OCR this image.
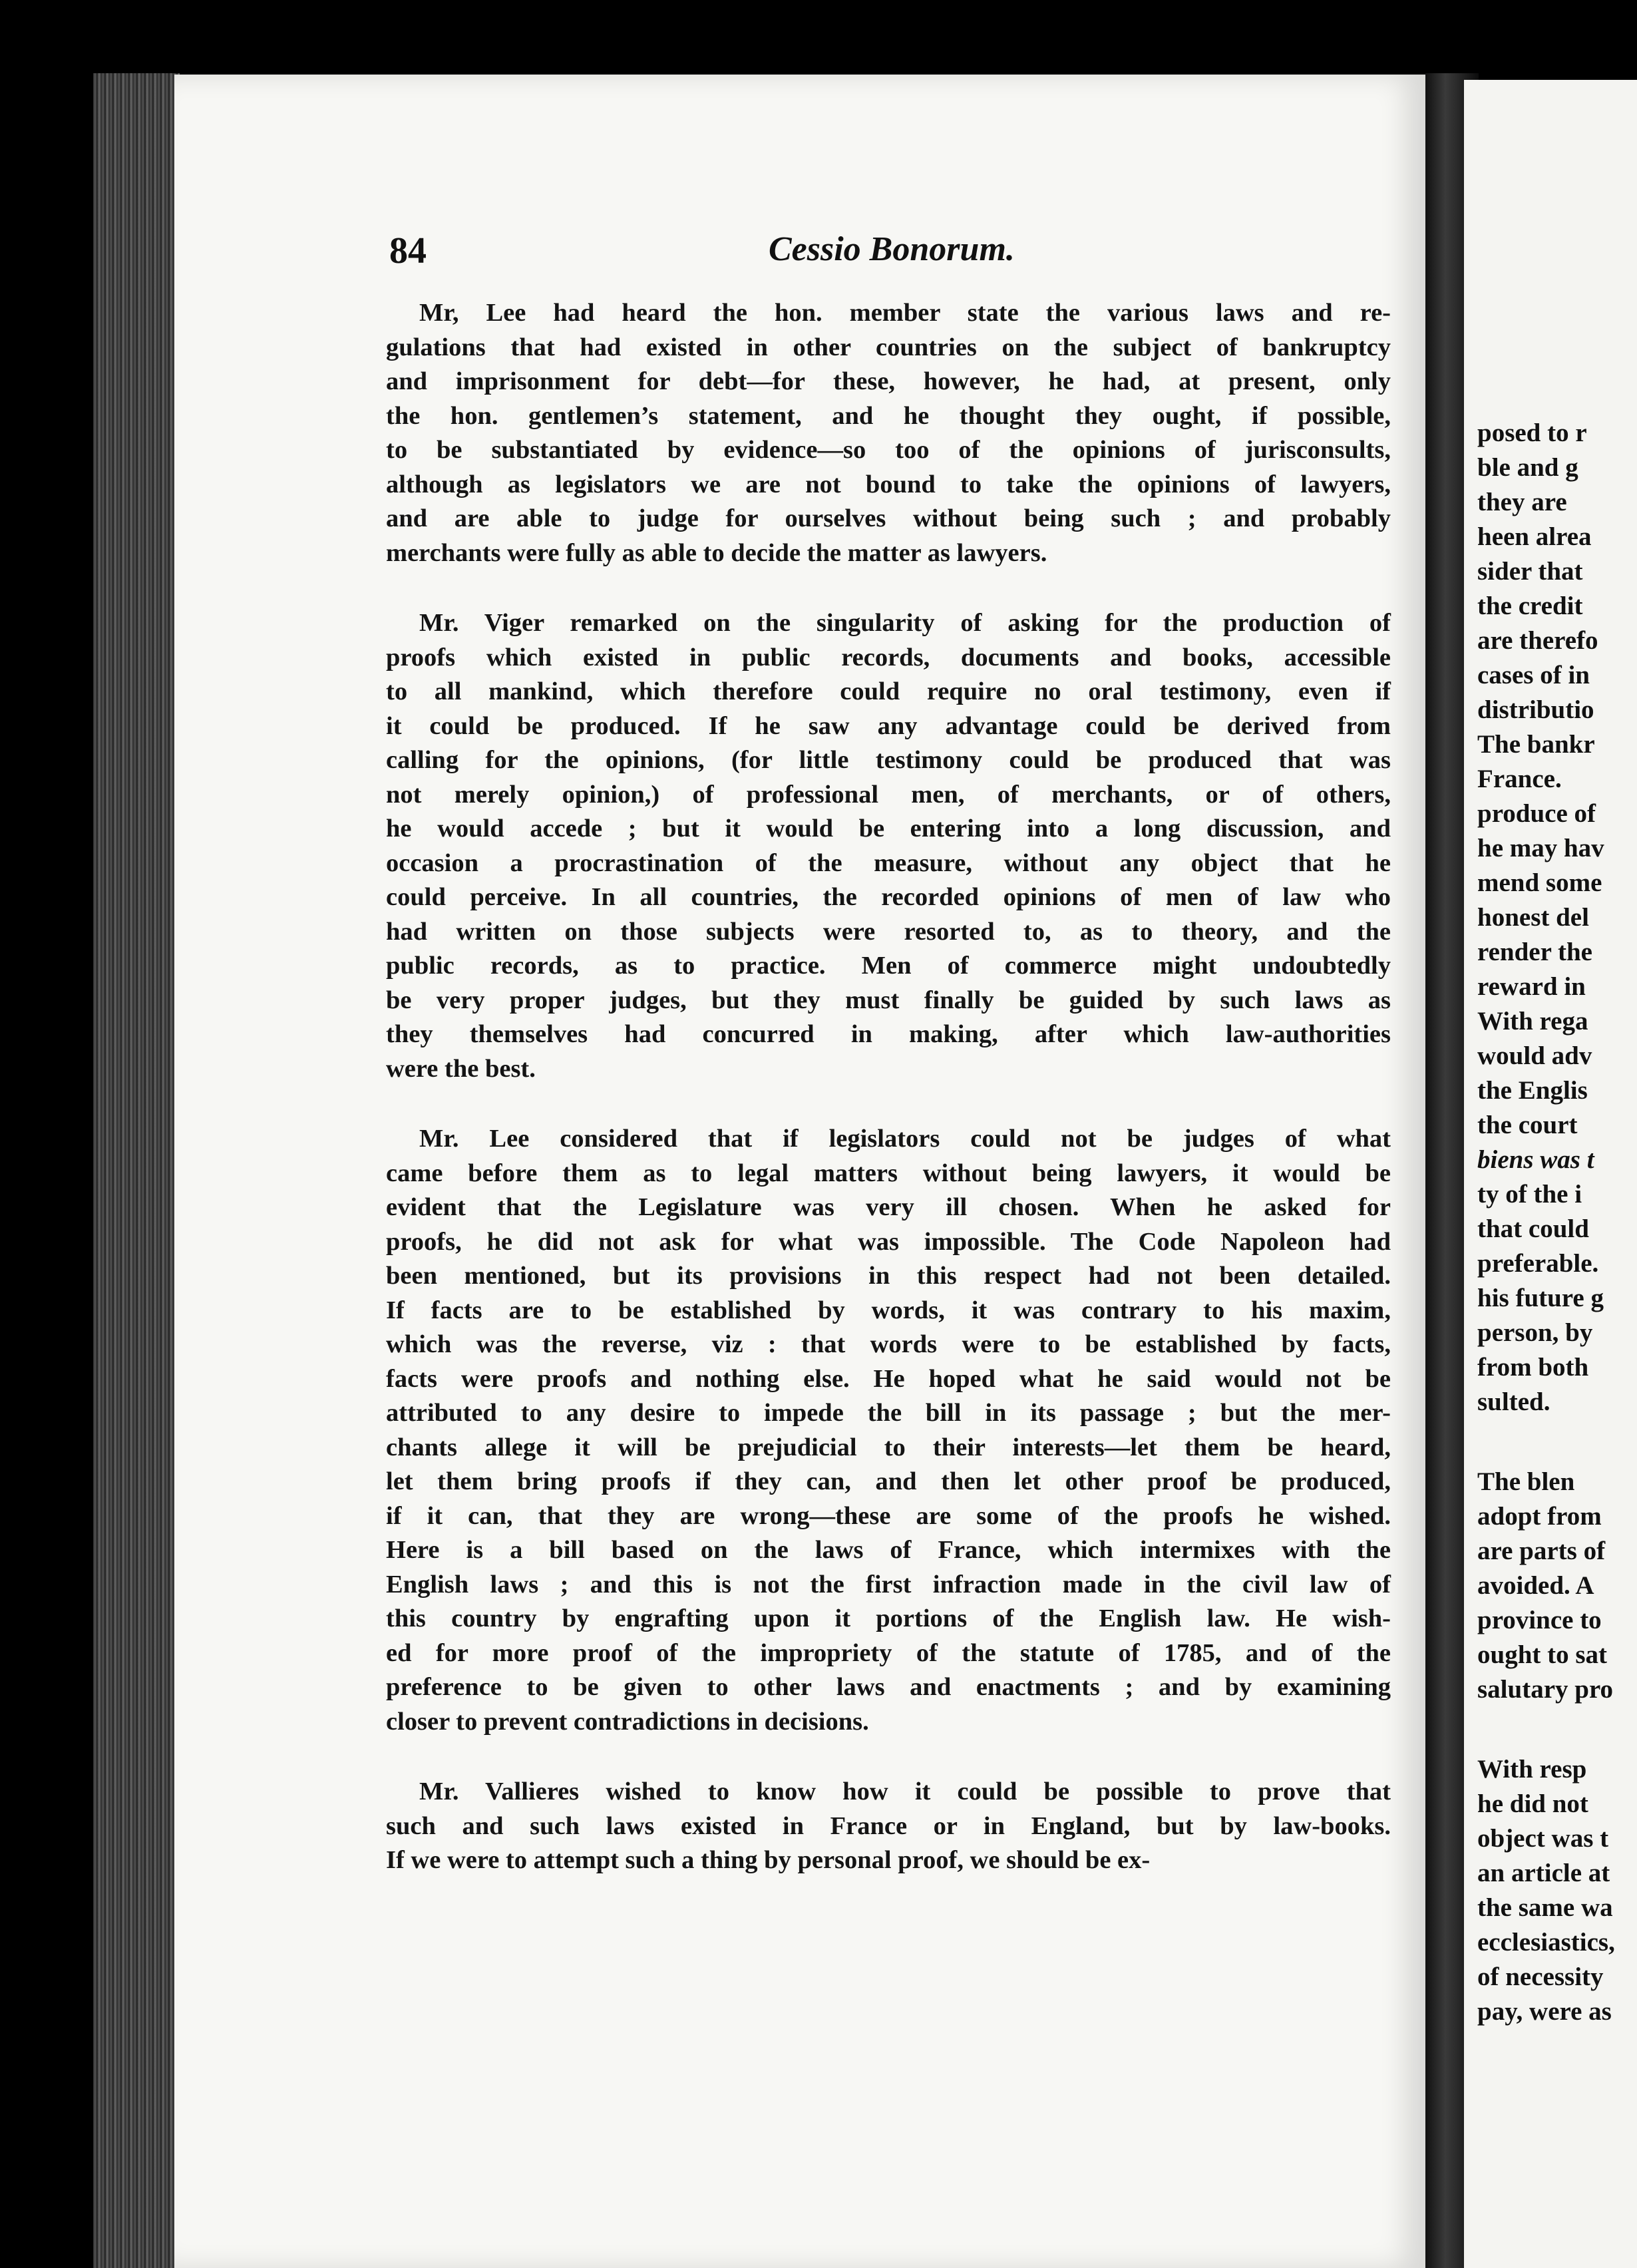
84	Cessio Bonorum.
Mr, Lee had heard the hon. member state the various laws and re-
gulations that had existed in other countries on the subject of bankruptcy
and imprisonment for debt—for these, however, he had, at present, only
the hon. gentlemen’s statement, and he thought they ought, if possible,
to be substantiated by evidence—so too of the opinions of jurisconsults,
although as legislators we are not bound to take the opinions of lawyers,
and are able to judge for ourselves without being such ; and probably
merchants were fully as able to decide the matter as lawyers.
Mr. Viger remarked on the singularity of asking for the production of
proofs which existed in public records, documents and books, accessible
to all mankind, which therefore could require no oral testimony, even if
it could be produced. If he saw any advantage could be derived from
calling for the opinions, (for little testimony could be produced that was
not merely opinion,) of professional men, of merchants, or of others,
he would accede ; but it would be entering into a long discussion, and
occasion a procrastination of the measure, without any object that he
could perceive. In all countries, the recorded opinions of men of law who
had written on those subjects were resorted to, as to theory, and the
public records, as to practice. Men of commerce might undoubtedly
be very proper judges, but they must finally be guided by such laws as
they themselves had concurred in making, after which law-authorities
were the best.
Mr. Lee considered that if legislators could not be judges of what
came before them as to legal matters without being lawyers, it would be
evident that the Legislature was very ill chosen. When he asked for
proofs, he did not ask for what was impossible. The Code Napoleon had
been mentioned, but its provisions in this respect had not been detailed.
If facts are to be established by words, it was contrary to his maxim,
which was the reverse, viz : that words were to be established by facts,
facts were proofs and nothing else. He hoped what he said would not be
attributed to any desire to impede the bill in its passage ; but the mer-
chants allege it will be prejudicial to their interests—let them be heard,
let them bring proofs if they can, and then let other proof be produced,
if it can, that they are wrong—these are some of the proofs he wished.
Here is a bill based on the laws of France, which intermixes with the
English laws ; and this is not the first infraction made in the civil law of
this country by engrafting upon it portions of the English law. He wish-
ed for more proof of the impropriety of the statute of 1785, and of the
preference to be given to other laws and enactments ; and by examining
closer to prevent contradictions in decisions.
Mr. Vallieres wished to know how it could be possible to prove that
such and such laws existed in France or in England, but by law-books.
If we were to attempt such a thing by personal proof, we should be ex-
posed to r
ble and g
they are
heen alrea
sider that
the credit
are therefo
cases of in
distributio
The bankr
France.
produce of
he may hav
mend some
honest del
render the
reward in
With rega
would adv
the Englis
the court
biens was t
ty of the i
that could
preferable.
his future g
person, by
from both
sulted.
The blen
adopt from
are parts of
avoided. A
province to
ought to sat
salutary pro
With resp
he did not
object was t
an article at
the same wa
ecclesiastics,
of necessity
pay, were as
